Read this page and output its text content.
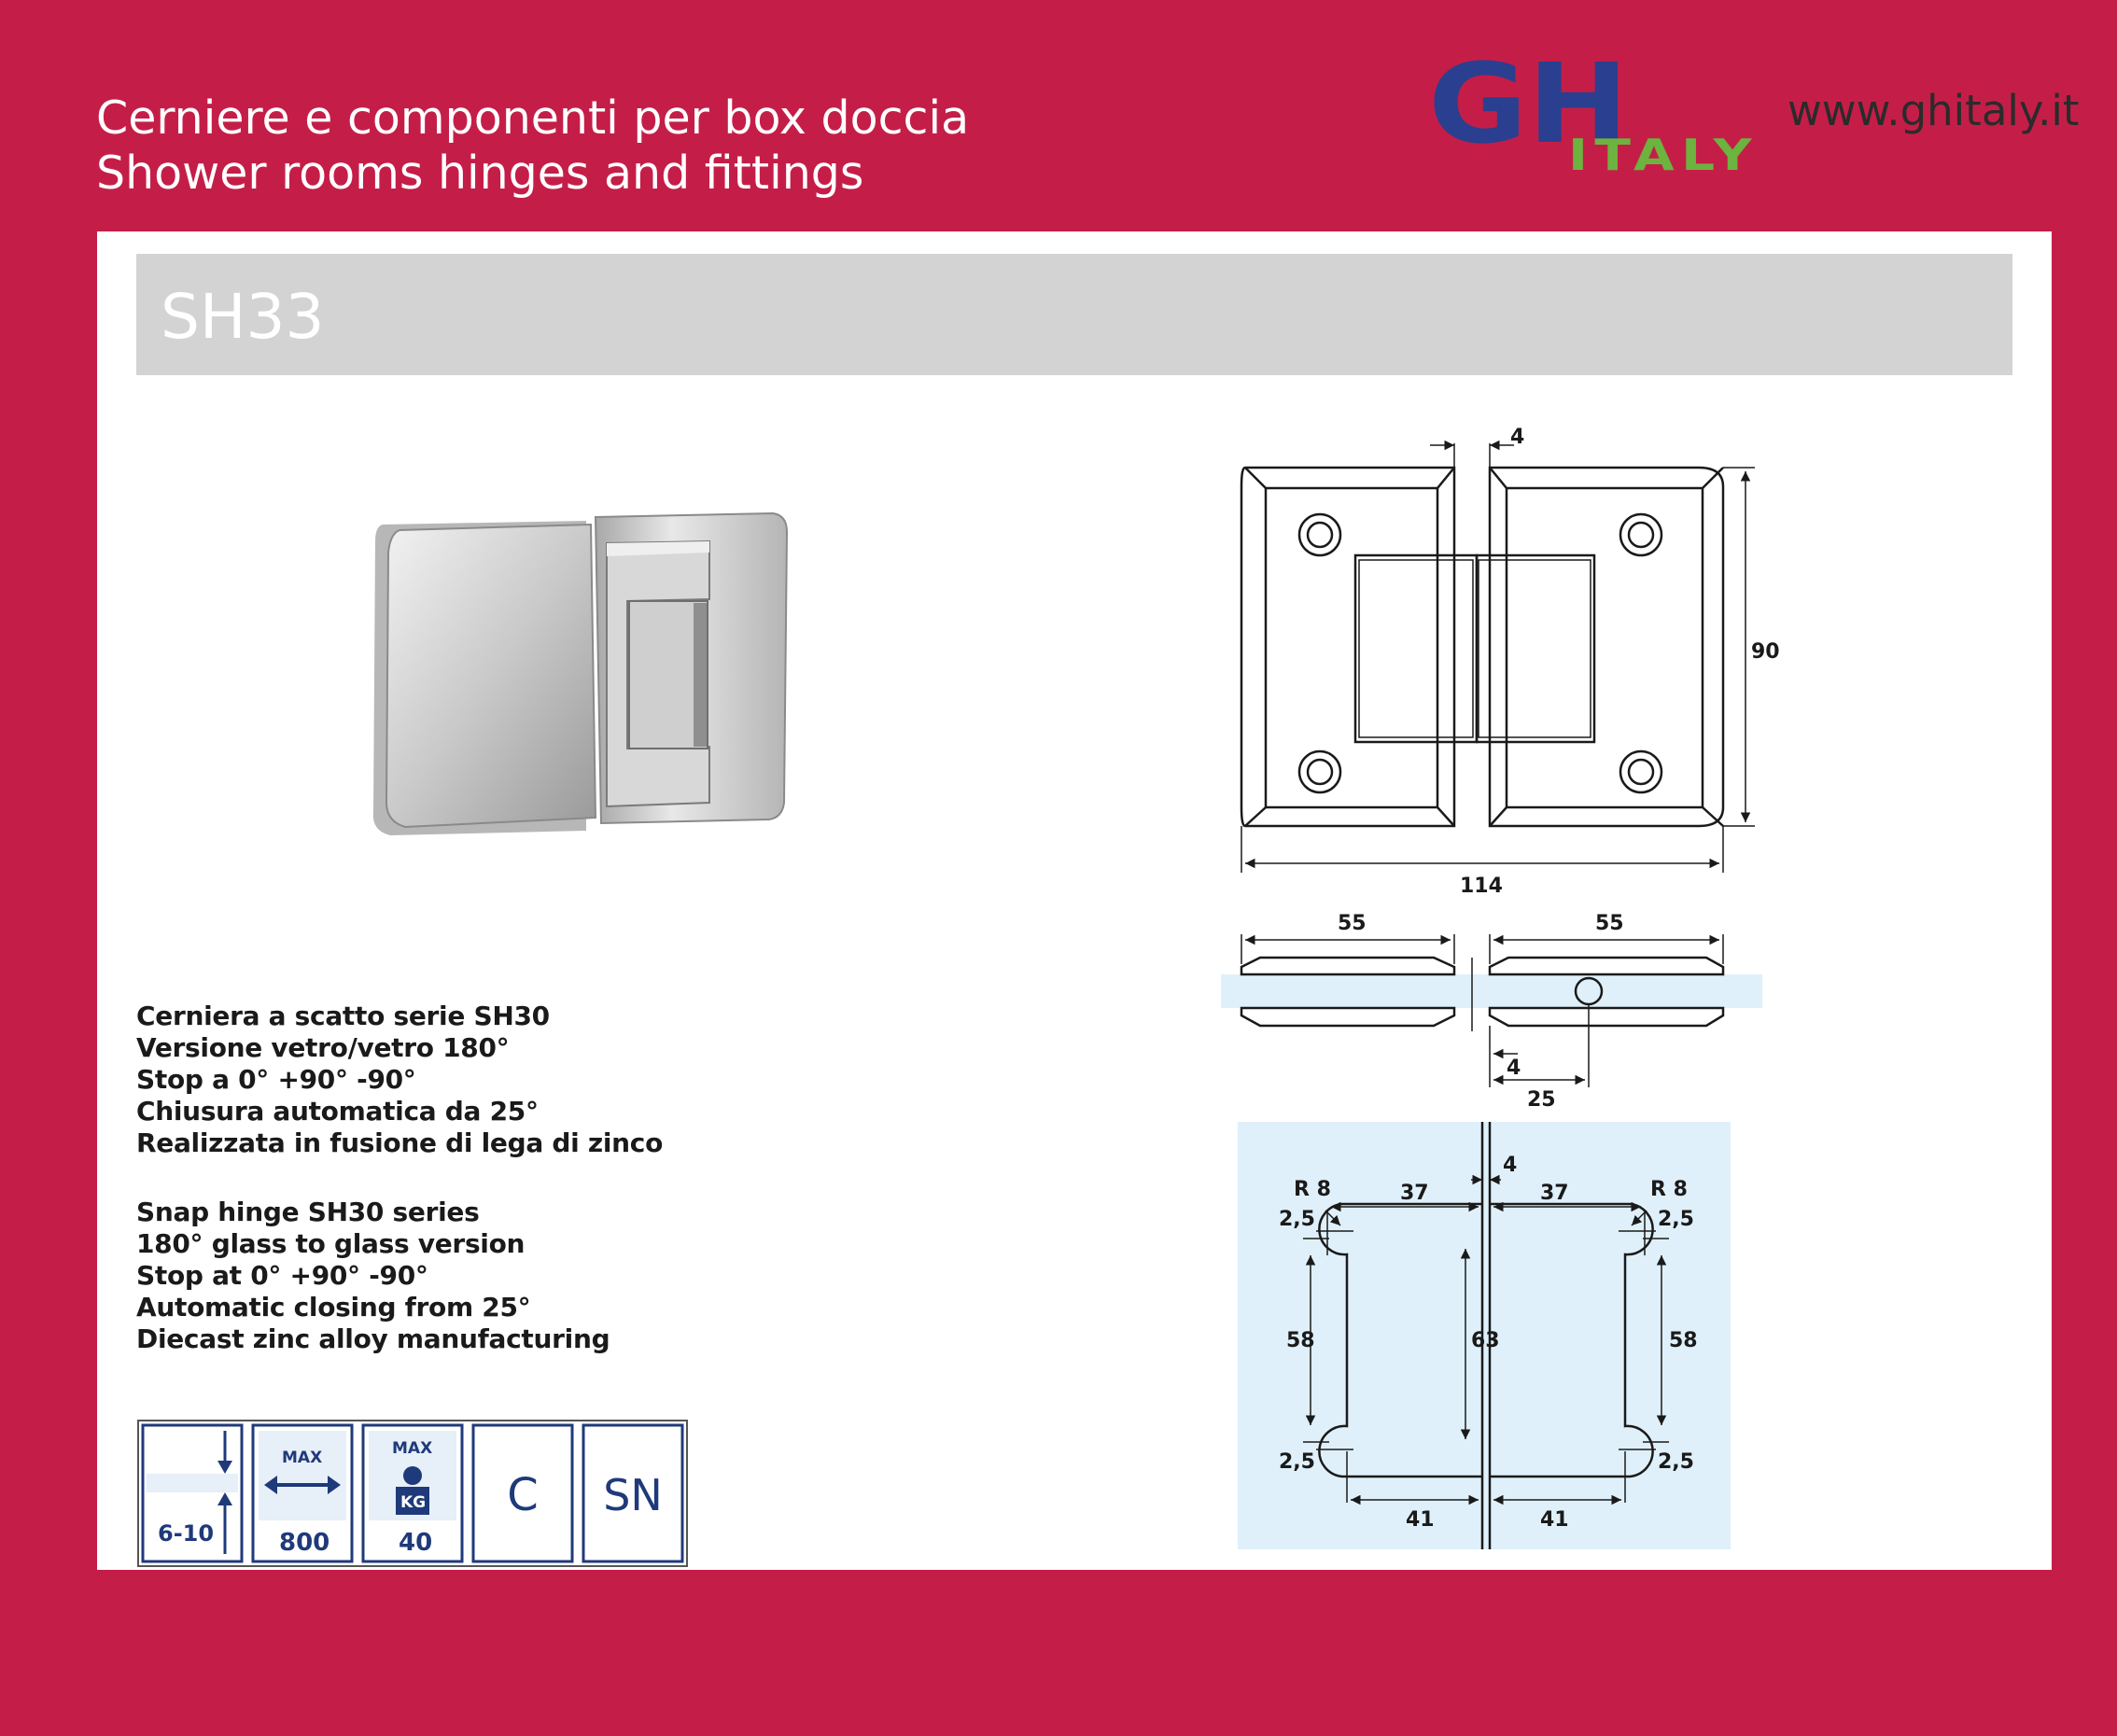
Cerniere e componenti per box doccia
Shower rooms hinges and fittings
GH
ITALY
www.ghitaly.it
SH33
Cerniera a scatto serie SH30
Versione vetro/vetro 180°
Stop a 0° +90° -90°
Chiusura automatica da 25°
Realizzata in fusione di lega di zinco
Snap hinge SH30 series
180° glass to glass version
Stop at 0° +90° -90°
Automatic closing from 25°
Diecast zinc alloy manufacturing
6-10
MAX
800
MAX
KG
40
C SN
4
90
114
55	55
4
25
4
R 8	R 8
37	37
2,5	2,5
58	58
63
2,5	2,5
41	41
